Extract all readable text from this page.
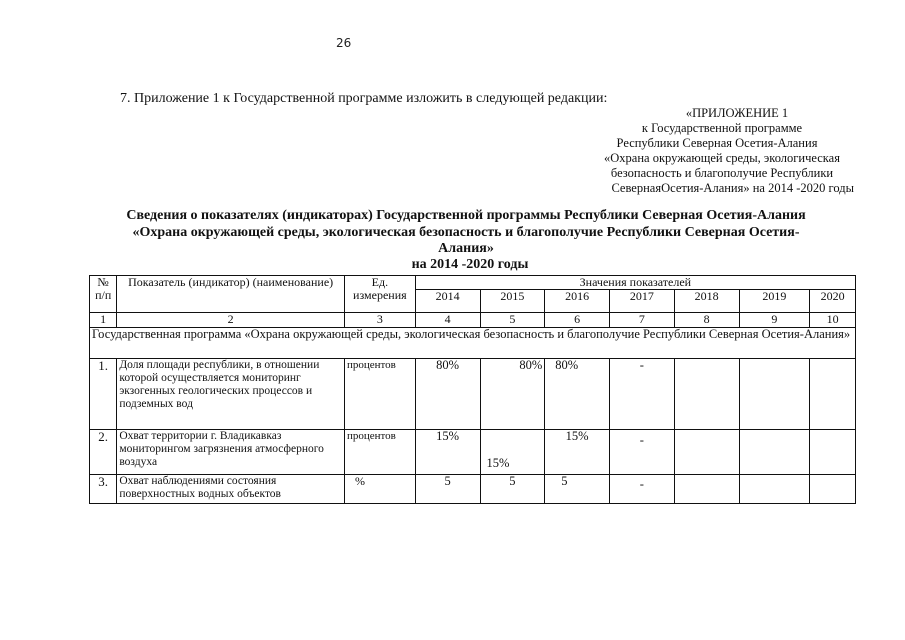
26
7. Приложение 1 к Государственной программе изложить в следующей редакции:
«ПРИЛОЖЕНИЕ 1
к Государственной программе
Республики Северная Осетия-Алания
«Охрана окружающей среды, экологическая
безопасность и благополучие Республики
СевернаяОсетия-Алания» на 2014 -2020 годы
Сведения о показателях (индикаторах) Государственной программы Республики Северная Осетия-Алания
«Охрана окружающей среды, экологическая безопасность и благополучие Республики Северная Осетия-
Алания»
на 2014 -2020 годы
№ п/п	Показатель (индикатор) (наименование)	Ед. измерения	Значения показателей						
			2014	2015	2016	2017	2018	2019	2020
1	2	3	4	5	6	7	8	9	10
Государственная программа «Охрана окружающей среды, экологическая безопасность и благополучие Республики Северная Осетия-Алания»									
1.	Доля площади республики, в отношении которой осуществляется мониторинг экзогенных геологических процессов и подземных вод	процентов	80%	80%	80%	-			
2.	Охват территории г. Владикавказ мониторингом загрязнения атмосферного воздуха	процентов	15%	15%	15%	-			
3.	Охват наблюдениями состояния поверхностных водных объектов	%	5	5	5	-			
